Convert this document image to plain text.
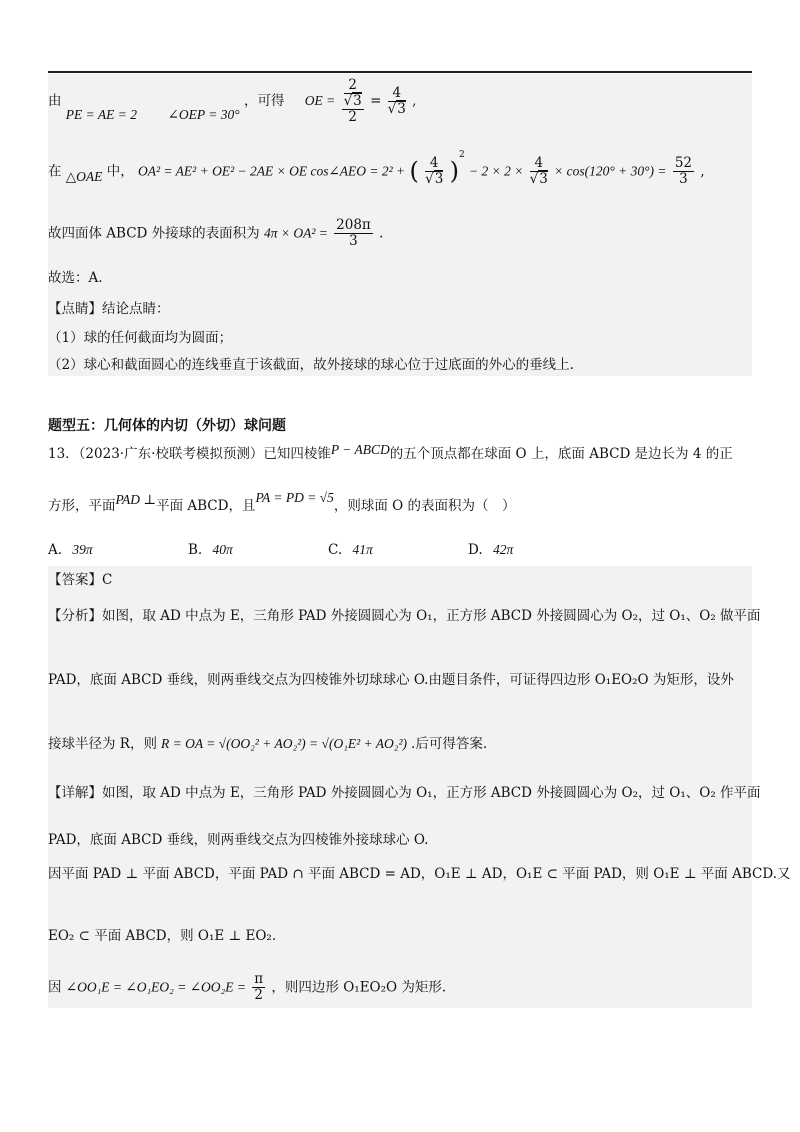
由 PE = AE = 2 ∠OEP = 30° ，可得 OE = 2
√3
$2 = \frac{4}{√3}$ ,
在 △OAE 中， OA² = AE² + OE² − 2AE × OE cos∠AEO = 2² + ( $\frac{4}{√3} )^2 - 2 \times 2 \times \frac{4}{√3} \times \cos(120^\circ + 30^\circ) = \frac{52}{3}$ ,
故四面体 ABCD 外接球的表面积为 $4\pi \times OA^2 = \frac{208\pi}{3}$ .
故选：A.
【点睛】结论点睛：
（1）球的任何截面均为圆面；
（2）球心和截面圆心的连线垂直于该截面，故外接球的球心位于过底面的外心的垂线上.
题型五：几何体的内切（外切）球问题
13．（2023·广东·校联考模拟预测）已知四棱锥P − ABCD的五个顶点都在球面 O 上，底面 ABCD 是边长为 4 的正
方形，平面PAD ⊥平面 ABCD，且PA = PD = √5，则球面 O 的表面积为（　）
A. 39π	B. 40π	C. 41π	D. 42π
【答案】C
【分析】如图，取 AD 中点为 E，三角形 PAD 外接圆圆心为 O₁，正方形 ABCD 外接圆圆心为 O₂，过 O₁、O₂ 做平面
PAD，底面 ABCD 垂线，则两垂线交点为四棱锥外切球球心 O.由题目条件，可证得四边形 O₁EO₂O 为矩形，设外
接球半径为 R，则 R = OA = √(OO₂² + AO₂²) = √(O₁E² + AO₂²) .后可得答案.
【详解】如图，取 AD 中点为 E，三角形 PAD 外接圆圆心为 O₁，正方形 ABCD 外接圆圆心为 O₂，过 O₁、O₂ 作平面
PAD，底面 ABCD 垂线，则两垂线交点为四棱锥外接球球心 O.
因平面 PAD ⊥ 平面 ABCD，平面 PAD ∩ 平面 ABCD = AD，O₁E ⊥ AD，O₁E ⊂ 平面 PAD，则 O₁E ⊥ 平面 ABCD.又
EO₂ ⊂ 平面 ABCD，则 O₁E ⊥ EO₂.
因 ∠OO₁E = ∠O₁EO₂ = ∠OO₂E = $\frac{\pi}{2}$ ，则四边形 O₁EO₂O 为矩形.
